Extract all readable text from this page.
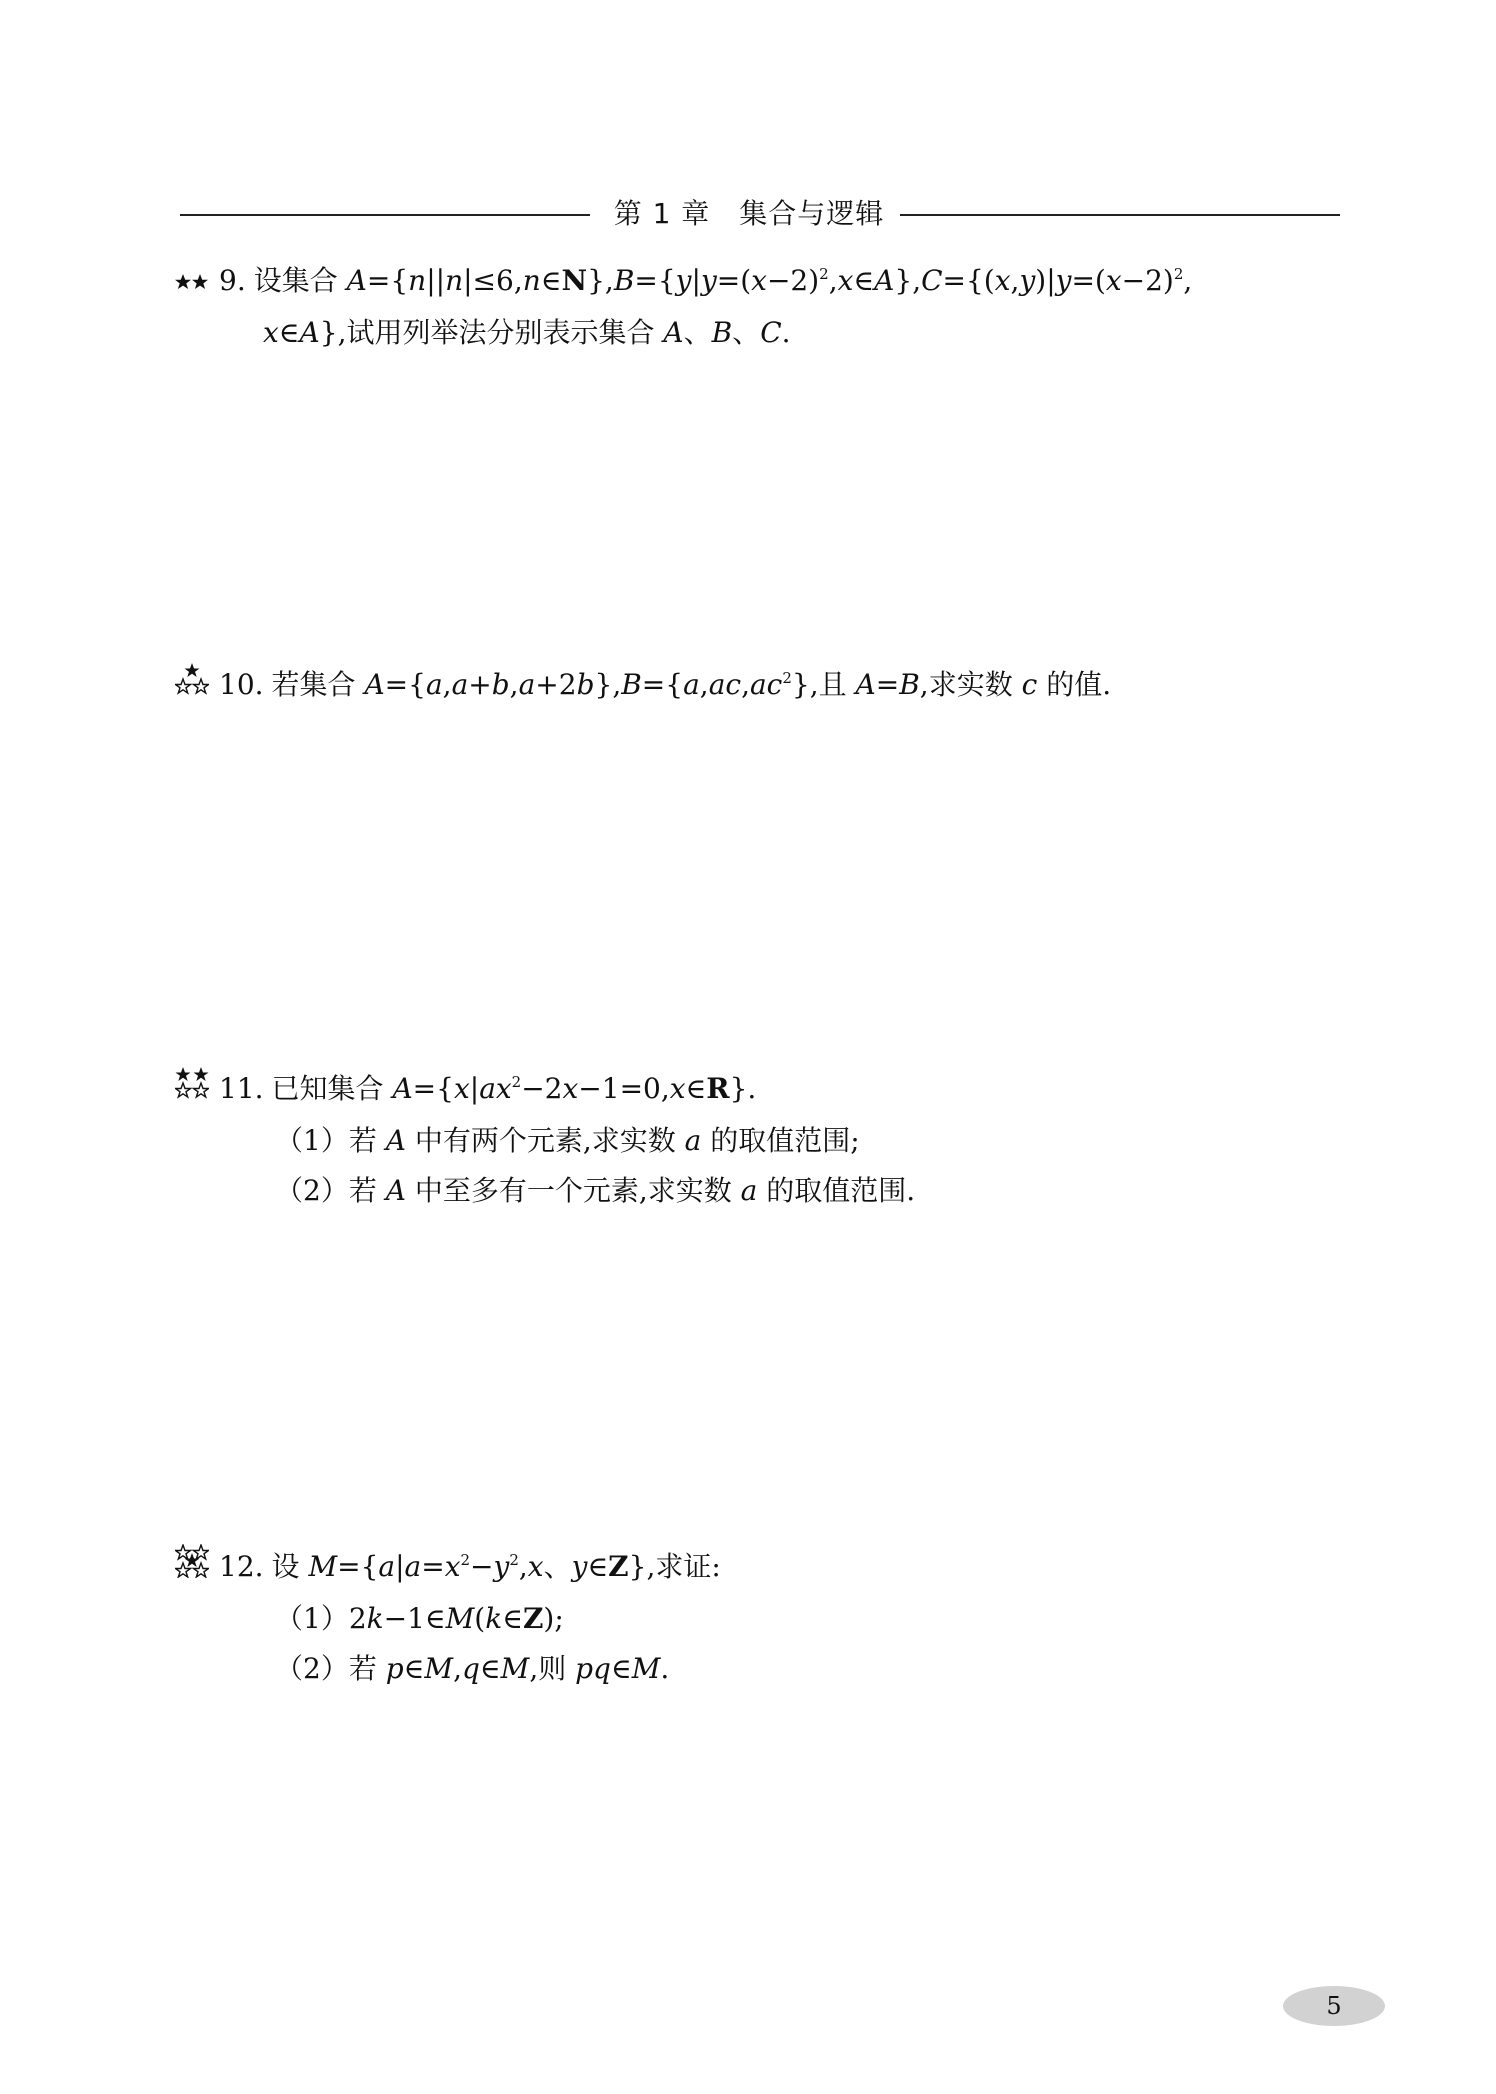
第 1 章　集合与逻辑
9. 设集合 $A=\{n||n|\le 6,n\in N\},B=\{y|y=(x-2)^2,x\in A\},C=\{(x,y)|y=(x-2)^2$,
x∈A},试用列举法分别表示集合 A、B、C.
10. 若集合 $A=\{a,a+b,a+2b\},B=\{a,ac,ac^2\}$,且 A=B,求实数 c 的值.
11. 已知集合 $A=\{x|ax^2-2x-1=0,x\in R\}$.
（1）若 A 中有两个元素,求实数 a 的取值范围;
（2）若 A 中至多有一个元素,求实数 a 的取值范围.
12. 设 $M=\{a|a=x^2-y^2,x$、y∈Z},求证:
（1）2k−1∈M(k∈Z);
（2）若 p∈M,q∈M,则 pq∈M.
5
